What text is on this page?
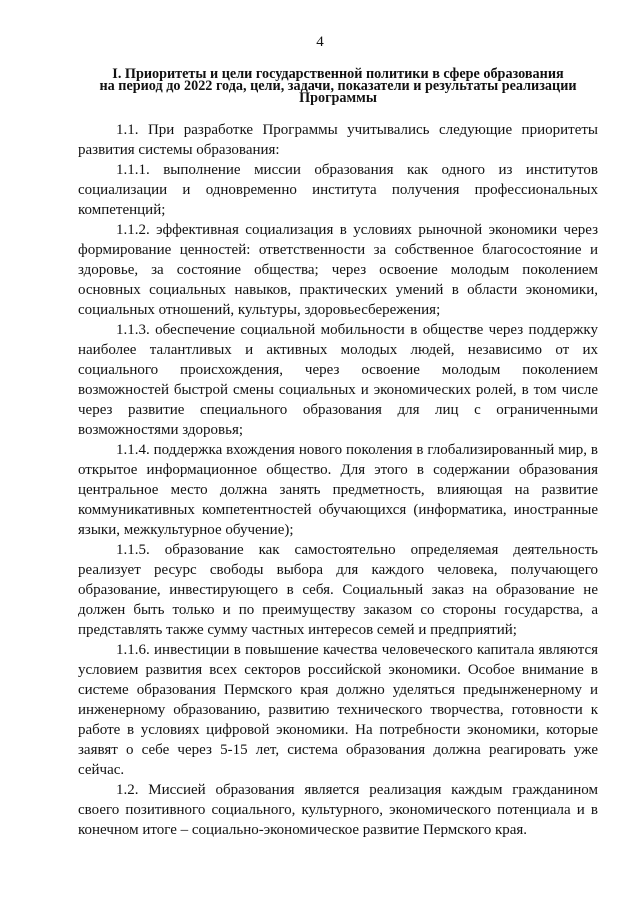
4
I. Приоритеты и цели государственной политики в сфере образования
на период до 2022 года, цели, задачи, показатели и результаты реализации
Программы

1.1. При разработке Программы учитывались следующие приоритеты развития системы образования:

1.1.1. выполнение миссии образования как одного из институтов социализации и одновременно института получения профессиональных компетенций;

1.1.2. эффективная социализация в условиях рыночной экономики через формирование ценностей: ответственности за собственное благосостояние и здоровье, за состояние общества; через освоение молодым поколением основных социальных навыков, практических умений в области экономики, социальных отношений, культуры, здоровьесбережения;

1.1.3. обеспечение социальной мобильности в обществе через поддержку наиболее талантливых и активных молодых людей, независимо от их социального происхождения, через освоение молодым поколением возможностей быстрой смены социальных и экономических ролей, в том числе через развитие специального образования для лиц с ограниченными возможностями здоровья;

1.1.4. поддержка вхождения нового поколения в глобализированный мир, в открытое информационное общество. Для этого в содержании образования центральное место должна занять предметность, влияющая на развитие коммуникативных компетентностей обучающихся (информатика, иностранные языки, межкультурное обучение);

1.1.5. образование как самостоятельно определяемая деятельность реализует ресурс свободы выбора для каждого человека, получающего образование, инвестирующего в себя. Социальный заказ на образование не должен быть только и по преимуществу заказом со стороны государства, а представлять также сумму частных интересов семей и предприятий;

1.1.6. инвестиции в повышение качества человеческого капитала являются условием развития всех секторов российской экономики. Особое внимание в системе образования Пермского края должно уделяться предынженерному и инженерному образованию, развитию технического творчества, готовности к работе в условиях цифровой экономики. На потребности экономики, которые заявят о себе через 5-15 лет, система образования должна реагировать уже сейчас.

1.2. Миссией образования является реализация каждым гражданином своего позитивного социального, культурного, экономического потенциала и в конечном итоге – социально-экономическое развитие Пермского края.
